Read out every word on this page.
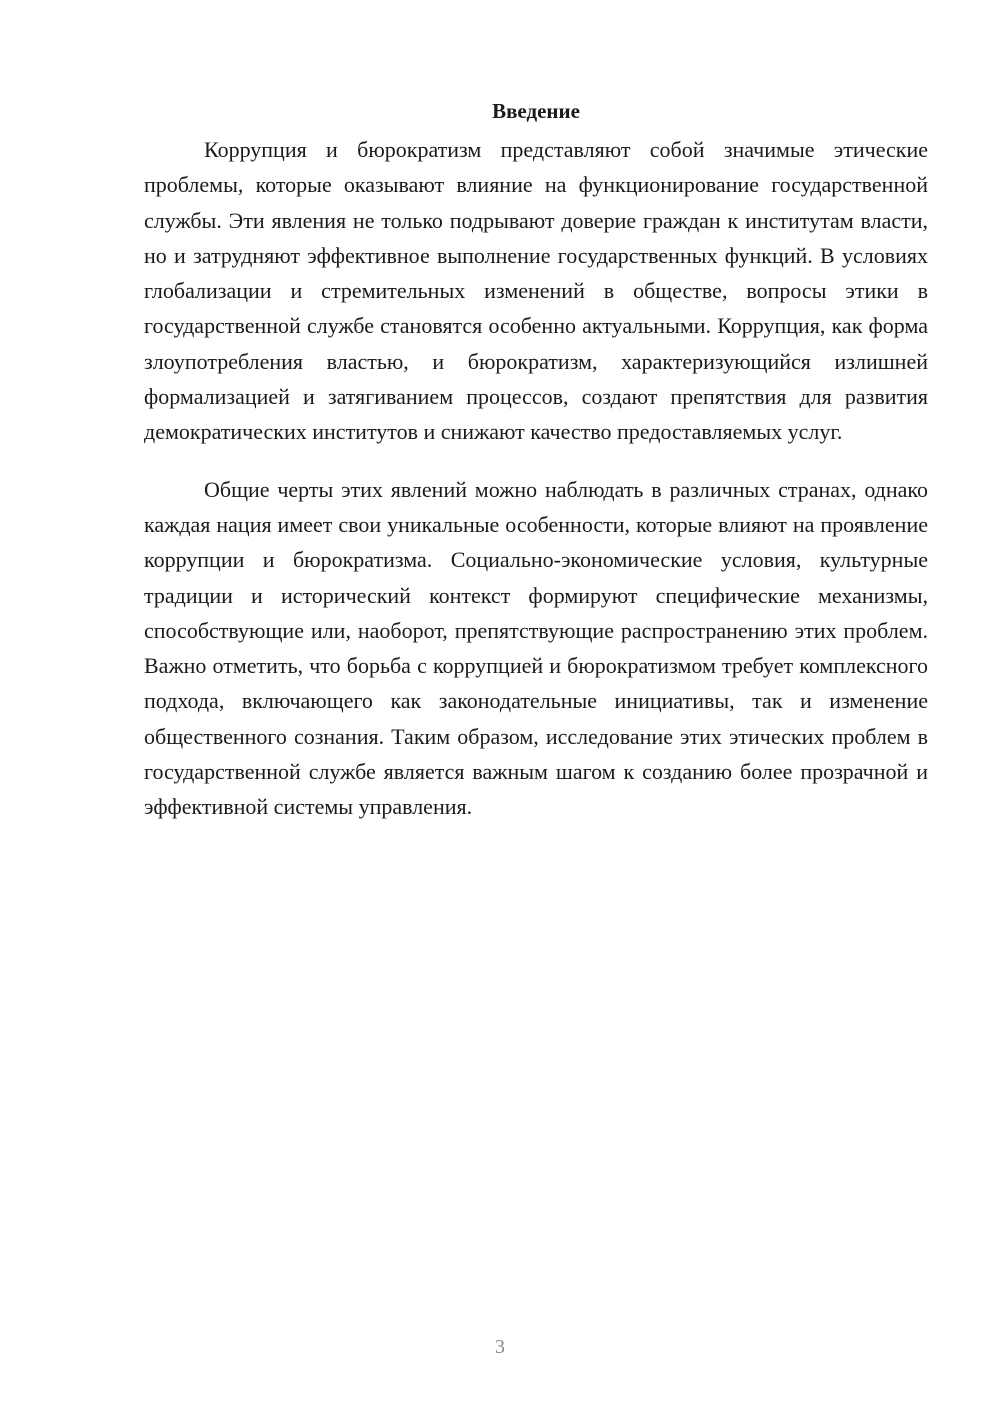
Введение

Коррупция и бюрократизм представляют собой значимые этические проблемы, которые оказывают влияние на функционирование государственной службы. Эти явления не только подрывают доверие граждан к институтам власти, но и затрудняют эффективное выполнение государственных функций. В условиях глобализации и стремительных изменений в обществе, вопросы этики в государственной службе становятся особенно актуальными. Коррупция, как форма злоупотребления властью, и бюрократизм, характеризующийся излишней формализацией и затягиванием процессов, создают препятствия для развития демократических институтов и снижают качество предоставляемых услуг.

Общие черты этих явлений можно наблюдать в различных странах, однако каждая нация имеет свои уникальные особенности, которые влияют на проявление коррупции и бюрократизма. Социально-экономические условия, культурные традиции и исторический контекст формируют специфические механизмы, способствующие или, наоборот, препятствующие распространению этих проблем. Важно отметить, что борьба с коррупцией и бюрократизмом требует комплексного подхода, включающего как законодательные инициативы, так и изменение общественного сознания. Таким образом, исследование этих этических проблем в государственной службе является важным шагом к созданию более прозрачной и эффективной системы управления.

3
